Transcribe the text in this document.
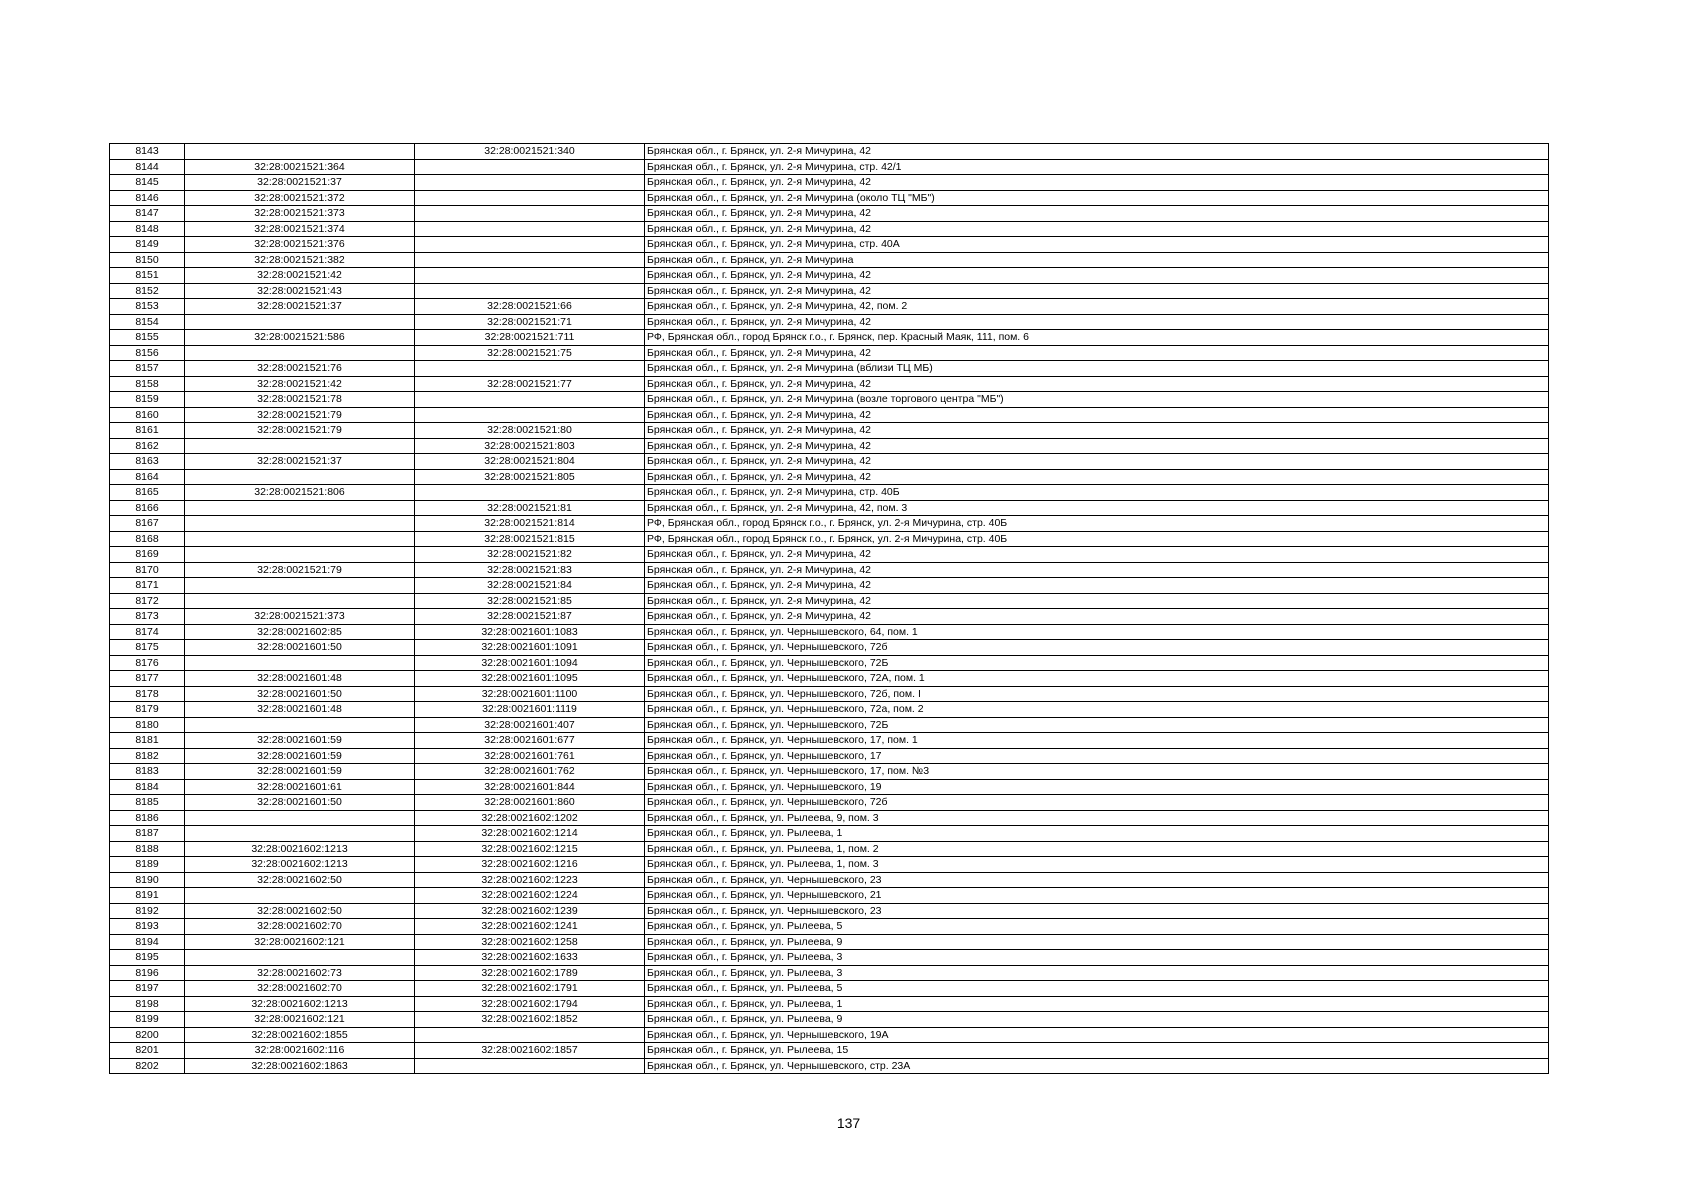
8143		32:28:0021521:340	Брянская обл., г. Брянск, ул. 2-я Мичурина, 42
8144	32:28:0021521:364		Брянская обл., г. Брянск, ул. 2-я Мичурина, стр. 42/1
8145	32:28:0021521:37		Брянская обл., г. Брянск, ул. 2-я Мичурина, 42
8146	32:28:0021521:372		Брянская обл., г. Брянск, ул. 2-я Мичурина (около ТЦ "МБ")
8147	32:28:0021521:373		Брянская обл., г. Брянск, ул. 2-я Мичурина, 42
8148	32:28:0021521:374		Брянская обл., г. Брянск, ул. 2-я Мичурина, 42
8149	32:28:0021521:376		Брянская обл., г. Брянск, ул. 2-я Мичурина, стр. 40А
8150	32:28:0021521:382		Брянская обл., г. Брянск, ул. 2-я Мичурина
8151	32:28:0021521:42		Брянская обл., г. Брянск, ул. 2-я Мичурина, 42
8152	32:28:0021521:43		Брянская обл., г. Брянск, ул. 2-я Мичурина, 42
8153	32:28:0021521:37	32:28:0021521:66	Брянская обл., г. Брянск, ул. 2-я Мичурина, 42, пом. 2
8154		32:28:0021521:71	Брянская обл., г. Брянск, ул. 2-я Мичурина, 42
8155	32:28:0021521:586	32:28:0021521:711	РФ, Брянская обл., город Брянск г.о., г. Брянск, пер. Красный Маяк, 111, пом. 6
8156		32:28:0021521:75	Брянская обл., г. Брянск, ул. 2-я Мичурина, 42
8157	32:28:0021521:76		Брянская обл., г. Брянск, ул. 2-я Мичурина (вблизи ТЦ МБ)
8158	32:28:0021521:42	32:28:0021521:77	Брянская обл., г. Брянск, ул. 2-я Мичурина, 42
8159	32:28:0021521:78		Брянская обл., г. Брянск, ул. 2-я Мичурина (возле торгового центра "МБ")
8160	32:28:0021521:79		Брянская обл., г. Брянск, ул. 2-я Мичурина, 42
8161	32:28:0021521:79	32:28:0021521:80	Брянская обл., г. Брянск, ул. 2-я Мичурина, 42
8162		32:28:0021521:803	Брянская обл., г. Брянск, ул. 2-я Мичурина, 42
8163	32:28:0021521:37	32:28:0021521:804	Брянская обл., г. Брянск, ул. 2-я Мичурина, 42
8164		32:28:0021521:805	Брянская обл., г. Брянск, ул. 2-я Мичурина, 42
8165	32:28:0021521:806		Брянская обл., г. Брянск, ул. 2-я Мичурина, стр. 40Б
8166		32:28:0021521:81	Брянская обл., г. Брянск, ул. 2-я Мичурина, 42, пом. 3
8167		32:28:0021521:814	РФ, Брянская обл., город Брянск г.о., г. Брянск, ул. 2-я Мичурина, стр. 40Б
8168		32:28:0021521:815	РФ, Брянская обл., город Брянск г.о., г. Брянск, ул. 2-я Мичурина, стр. 40Б
8169		32:28:0021521:82	Брянская обл., г. Брянск, ул. 2-я Мичурина, 42
8170	32:28:0021521:79	32:28:0021521:83	Брянская обл., г. Брянск, ул. 2-я Мичурина, 42
8171		32:28:0021521:84	Брянская обл., г. Брянск, ул. 2-я Мичурина, 42
8172		32:28:0021521:85	Брянская обл., г. Брянск, ул. 2-я Мичурина, 42
8173	32:28:0021521:373	32:28:0021521:87	Брянская обл., г. Брянск, ул. 2-я Мичурина, 42
8174	32:28:0021602:85	32:28:0021601:1083	Брянская обл., г. Брянск, ул. Чернышевского, 64, пом. 1
8175	32:28:0021601:50	32:28:0021601:1091	Брянская обл., г. Брянск, ул. Чернышевского, 72б
8176		32:28:0021601:1094	Брянская обл., г. Брянск, ул. Чернышевского, 72Б
8177	32:28:0021601:48	32:28:0021601:1095	Брянская обл., г. Брянск, ул. Чернышевского, 72А, пом. 1
8178	32:28:0021601:50	32:28:0021601:1100	Брянская обл., г. Брянск, ул. Чернышевского, 72б, пом. I
8179	32:28:0021601:48	32:28:0021601:1119	Брянская обл., г. Брянск, ул. Чернышевского, 72а, пом. 2
8180		32:28:0021601:407	Брянская обл., г. Брянск, ул. Чернышевского, 72Б
8181	32:28:0021601:59	32:28:0021601:677	Брянская обл., г. Брянск, ул. Чернышевского, 17, пом. 1
8182	32:28:0021601:59	32:28:0021601:761	Брянская обл., г. Брянск, ул. Чернышевского, 17
8183	32:28:0021601:59	32:28:0021601:762	Брянская обл., г. Брянск, ул. Чернышевского, 17, пом. №3
8184	32:28:0021601:61	32:28:0021601:844	Брянская обл., г. Брянск, ул. Чернышевского, 19
8185	32:28:0021601:50	32:28:0021601:860	Брянская обл., г. Брянск, ул. Чернышевского, 72б
8186		32:28:0021602:1202	Брянская обл., г. Брянск, ул. Рылеева, 9, пом. 3
8187		32:28:0021602:1214	Брянская обл., г. Брянск, ул. Рылеева, 1
8188	32:28:0021602:1213	32:28:0021602:1215	Брянская обл., г. Брянск, ул. Рылеева, 1, пом. 2
8189	32:28:0021602:1213	32:28:0021602:1216	Брянская обл., г. Брянск, ул. Рылеева, 1, пом. 3
8190	32:28:0021602:50	32:28:0021602:1223	Брянская обл., г. Брянск, ул. Чернышевского, 23
8191		32:28:0021602:1224	Брянская обл., г. Брянск, ул. Чернышевского, 21
8192	32:28:0021602:50	32:28:0021602:1239	Брянская обл., г. Брянск, ул. Чернышевского, 23
8193	32:28:0021602:70	32:28:0021602:1241	Брянская обл., г. Брянск, ул. Рылеева, 5
8194	32:28:0021602:121	32:28:0021602:1258	Брянская обл., г. Брянск, ул. Рылеева, 9
8195		32:28:0021602:1633	Брянская обл., г. Брянск, ул. Рылеева, 3
8196	32:28:0021602:73	32:28:0021602:1789	Брянская обл., г. Брянск, ул. Рылеева, 3
8197	32:28:0021602:70	32:28:0021602:1791	Брянская обл., г. Брянск, ул. Рылеева, 5
8198	32:28:0021602:1213	32:28:0021602:1794	Брянская обл., г. Брянск, ул. Рылеева, 1
8199	32:28:0021602:121	32:28:0021602:1852	Брянская обл., г. Брянск, ул. Рылеева, 9
8200	32:28:0021602:1855		Брянская обл., г. Брянск, ул. Чернышевского, 19А
8201	32:28:0021602:116	32:28:0021602:1857	Брянская обл., г. Брянск, ул. Рылеева, 15
8202	32:28:0021602:1863		Брянская обл., г. Брянск, ул. Чернышевского, стр. 23А
137
